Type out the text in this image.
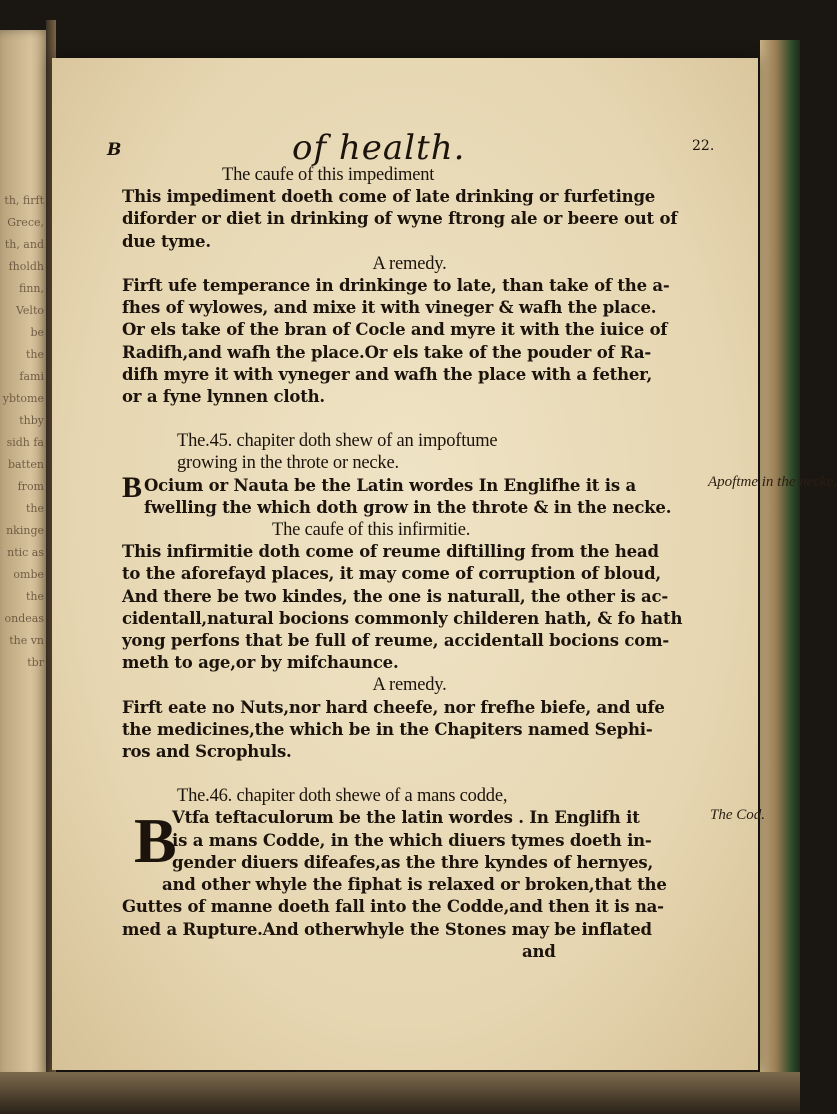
th, firft
Grece,
th, and
fholdh
finn,
Velto be
the fami
ybtome
thby
sidh fa
batten
from the
nkinge
ntic as
ombe the
ondeas
the vn
tbr
B	of health.	22.

The caufe of this impediment

This impediment doeth come of late drinking or furfetinge

diforder or diet in drinking of wyne ftrong ale or beere out of

due tyme.

A remedy.

Firft ufe temperance in drinkinge to late, than take of the a-

fhes of wylowes, and mixe it with vineger & wafh the place.

Or els take of the bran of Cocle and myre it with the iuice of

Radifh,and wafh the place.Or els take of the pouder of Ra-

difh myre it with vyneger and wafh the place with a fether,

or a fyne lynnen cloth.

The.45. chapiter doth shew of an impoftume

growing in the throte or necke.

B Ocium or Nauta be the Latin wordes In Englifhe it is a

fwelling the which doth grow in the throte & in the necke.

Apoftme in the necke.

The caufe of this infirmitie.

This infirmitie doth come of reume diftilling from the head

to the aforefayd places, it may come of corruption of bloud,

And there be two kindes, the one is naturall, the other is ac-

cidentall,natural bocions commonly childeren hath, & fo hath

yong perfons that be full of reume, accidentall bocions com-

meth to age,or by mifchaunce.

A remedy.

Firft eate no Nuts,nor hard cheefe, nor frefhe biefe, and ufe

the medicines,the which be in the Chapiters named Sephi-

ros and Scrophuls.

The.46. chapiter doth shewe of a mans codde,

B

Vtfa teftaculorum be the latin wordes . In Englifh it

is a mans Codde, in the which diuers tymes doeth in-

gender diuers difeafes,as the thre kyndes of hernyes,

The Cod.

and other whyle the fiphat is relaxed or broken,that the

Guttes of manne doeth fall into the Codde,and then it is na-

med a Rupture.And otherwhyle the Stones may be inflated

and
